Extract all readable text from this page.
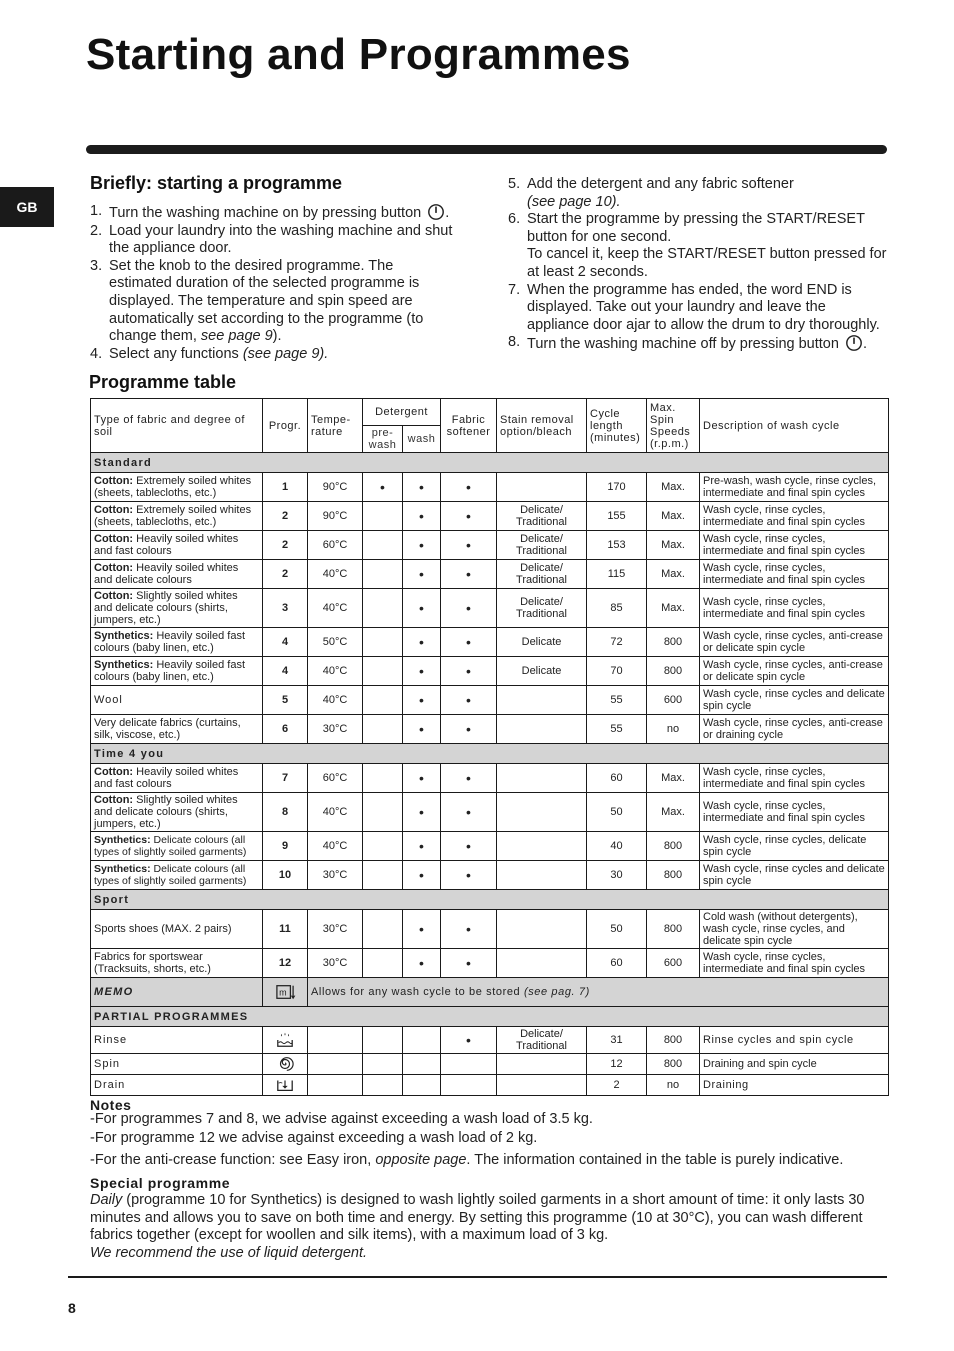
Starting and Programmes
GB
Briefly: starting a programme
1. Turn the washing machine on by pressing button .
2. Load your laundry into the washing machine and shut the appliance door.
3. Set the knob to the desired programme. The estimated duration of the selected programme is displayed. The temperature and spin speed are automatically set according to the programme (to change them, see page 9).
4. Select any functions (see page 9).
5. Add the detergent and any fabric softener
(see page 10).
6. Start the programme by pressing the START/RESET button for one second.
To cancel it, keep the START/RESET button pressed for at least 2 seconds.
7. When the programme has ended, the word END is displayed. Take out your laundry and leave the appliance door ajar to allow the drum to dry thoroughly.
8. Turn the washing machine off by pressing button .
Programme table
Type of fabric and degree of soil	Progr.	Tempe-rature	Detergent		Fabric softener	Stain removal option/bleach	Cycle length (minutes)	Max. Spin Speeds (r.p.m.)	Description of wash cycle
			pre-wash	wash					
Standard									
Cotton: Extremely soiled whites (sheets, tablecloths, etc.)	1	90°C	•	•	•		170	Max.	Pre-wash, wash cycle, rinse cycles, intermediate and final spin cycles
Cotton: Extremely soiled whites (sheets, tablecloths, etc.)	2	90°C		•	•	Delicate/ Traditional	155	Max.	Wash cycle, rinse cycles, intermediate and final spin cycles
Cotton: Heavily soiled whites and fast colours	2	60°C		•	•	Delicate/ Traditional	153	Max.	Wash cycle, rinse cycles, intermediate and final spin cycles
Cotton: Heavily soiled whites and delicate colours	2	40°C		•	•	Delicate/ Traditional	115	Max.	Wash cycle, rinse cycles, intermediate and final spin cycles
Cotton: Slightly soiled whites and delicate colours (shirts, jumpers, etc.)	3	40°C		•	•	Delicate/ Traditional	85	Max.	Wash cycle, rinse cycles, intermediate and final spin cycles
Synthetics: Heavily soiled fast colours (baby linen, etc.)	4	50°C		•	•	Delicate	72	800	Wash cycle, rinse cycles, anti-crease or delicate spin cycle
Synthetics: Heavily soiled fast colours (baby linen, etc.)	4	40°C		•	•	Delicate	70	800	Wash cycle, rinse cycles, anti-crease or delicate spin cycle
Wool	5	40°C		•	•		55	600	Wash cycle, rinse cycles and delicate spin cycle
Very delicate fabrics (curtains, silk, viscose, etc.)	6	30°C		•	•		55	no	Wash cycle, rinse cycles, anti-crease or draining cycle
Time 4 you									
Cotton: Heavily soiled whites and fast colours	7	60°C		•	•		60	Max.	Wash cycle, rinse cycles, intermediate and final spin cycles
Cotton: Slightly soiled whites and delicate colours (shirts, jumpers, etc.)	8	40°C		•	•		50	Max.	Wash cycle, rinse cycles, intermediate and final spin cycles
Synthetics: Delicate colours (all types of slightly soiled garments)	9	40°C		•	•		40	800	Wash cycle, rinse cycles, delicate spin cycle
Synthetics: Delicate colours (all types of slightly soiled garments)	10	30°C		•	•		30	800	Wash cycle, rinse cycles and delicate spin cycle
Sport									
Sports shoes (MAX. 2 pairs)	11	30°C		•	•		50	800	Cold wash (without detergents), wash cycle, rinse cycles, and delicate spin cycle
Fabrics for sportswear (Tracksuits, shorts, etc.)	12	30°C		•	•		60	600	Wash cycle, rinse cycles, intermediate and final spin cycles
MEMO	m	Allows for any wash cycle to be stored (see pag. 7)							
PARTIAL PROGRAMMES									
Rinse					•	Delicate/ Traditional	31	800	Rinse cycles and spin cycle
Spin							12	800	Draining and spin cycle
Drain							2	no	Draining
Notes

-For programmes 7 and 8, we advise against exceeding a wash load of 3.5 kg.

-For programme 12 we advise against exceeding a wash load of 2 kg.

-For the anti-crease function: see Easy iron, opposite page. The information contained in the table is purely indicative.

Special programme

Daily (programme 10 for Synthetics) is designed to wash lightly soiled garments in a short amount of time: it only lasts 30 minutes and allows you to save on both time and energy. By setting this programme (10 at 30°C), you can wash different fabrics together (except for woollen and silk items), with a maximum load of 3 kg.
We recommend the use of liquid detergent.

8
